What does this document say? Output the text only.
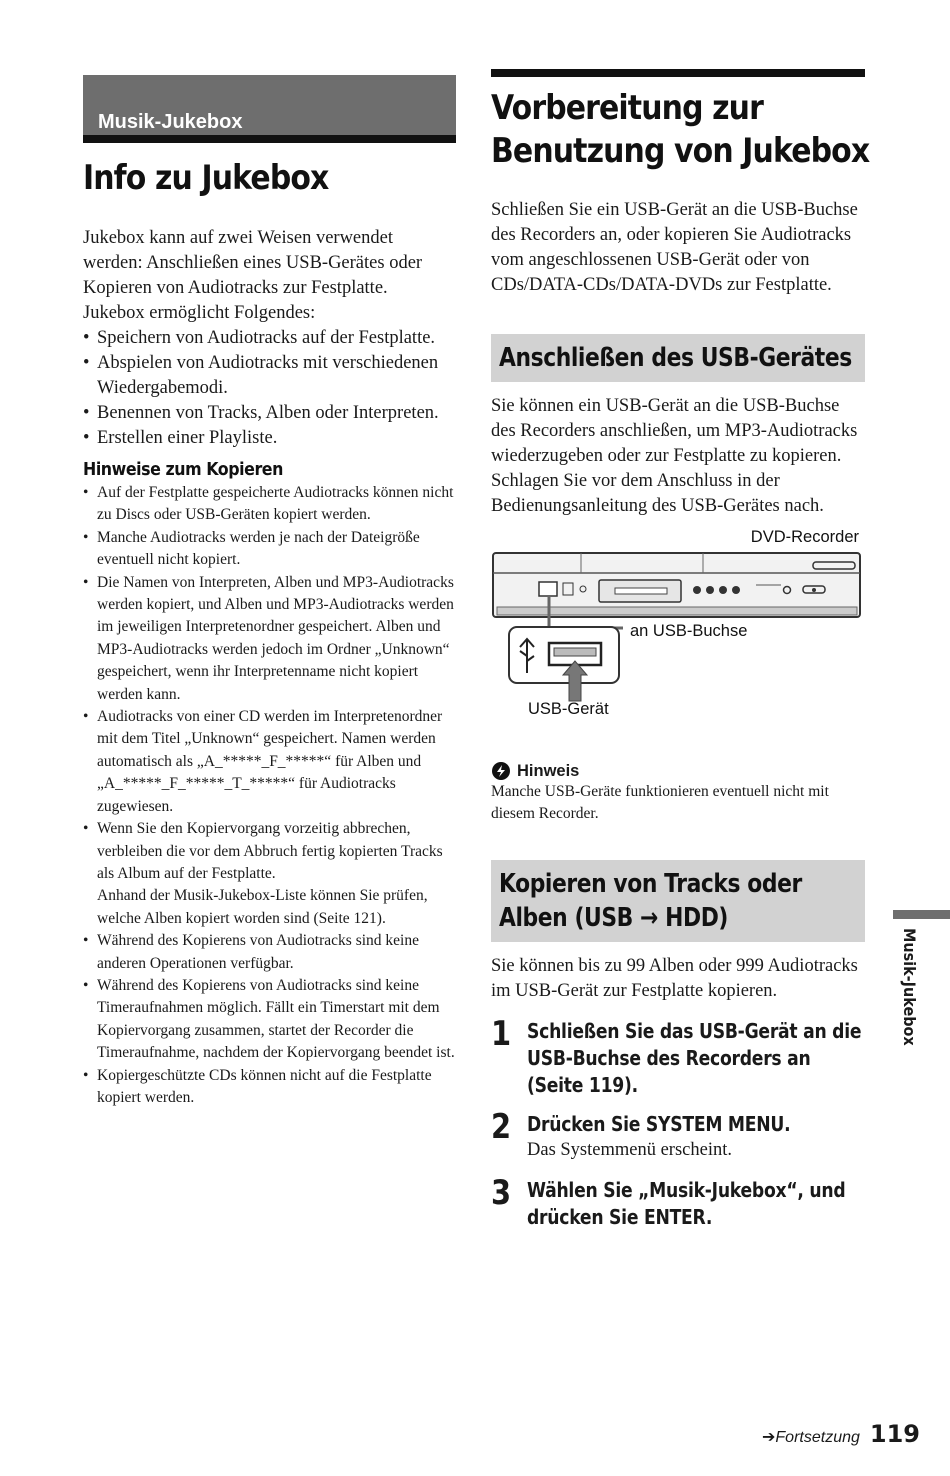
Musik-Jukebox
Info zu Jukebox

Jukebox kann auf zwei Weisen verwendet werden: Anschließen eines USB-Gerätes oder Kopieren von Audiotracks zur Festplatte.

Jukebox ermöglicht Folgendes:

• Speichern von Audiotracks auf der Festplatte.
• Abspielen von Audiotracks mit verschiedenen Wiedergabemodi.
• Benennen von Tracks, Alben oder Interpreten.
• Erstellen einer Playliste.
Hinweise zum Kopieren
• Auf der Festplatte gespeicherte Audiotracks können nicht zu Discs oder USB-Geräten kopiert werden.
• Manche Audiotracks werden je nach der Dateigröße eventuell nicht kopiert.
• Die Namen von Interpreten, Alben und MP3-Audiotracks werden kopiert, und Alben und MP3-Audiotracks werden im jeweiligen Interpretenordner gespeichert. Alben und MP3-Audiotracks werden jedoch im Ordner „Unknown“ gespeichert, wenn ihr Interpretenname nicht kopiert werden kann.
• Audiotracks von einer CD werden im Interpretenordner mit dem Titel „Unknown“ gespeichert. Namen werden automatisch als „A_*****_F_*****“ für Alben und „A_*****_F_*****_T_*****“ für Audiotracks zugewiesen.
• Wenn Sie den Kopiervorgang vorzeitig abbrechen, verbleiben die vor dem Abbruch fertig kopierten Tracks als Album auf der Festplatte.
Anhand der Musik-Jukebox-Liste können Sie prüfen, welche Alben kopiert worden sind (Seite 121).
• Während des Kopierens von Audiotracks sind keine anderen Operationen verfügbar.
• Während des Kopierens von Audiotracks sind keine Timeraufnahmen möglich. Fällt ein Timerstart mit dem Kopiervorgang zusammen, startet der Recorder die Timeraufnahme, nachdem der Kopiervorgang beendet ist.
• Kopiergeschützte CDs können nicht auf die Festplatte kopiert werden.
Vorbereitung zur
Benutzung von Jukebox

Schließen Sie ein USB-Gerät an die USB-Buchse des Recorders an, oder kopieren Sie Audiotracks vom angeschlossenen USB-Gerät oder von CDs/DATA-CDs/DATA-DVDs zur Festplatte.

Anschließen des USB-Gerätes

Sie können ein USB-Gerät an die USB-Buchse des Recorders anschließen, um MP3-Audiotracks wiederzugeben oder zur Festplatte zu kopieren. Schlagen Sie vor dem Anschluss in der Bedienungsanleitung des USB-Gerätes nach.

DVD-Recorder
an USB-Buchse
USB-Gerät
Hinweis

Manche USB-Geräte funktionieren eventuell nicht mit diesem Recorder.

Kopieren von Tracks oder
Alben (USB → HDD)

Sie können bis zu 99 Alben oder 999 Audiotracks im USB-Gerät zur Festplatte kopieren.

1 Schließen Sie das USB-Gerät an die

USB-Buchse des Recorders an

(Seite 119).

2 Drücken Sie SYSTEM MENU.

Das Systemmenü erscheint.

3 Wählen Sie „Musik-Jukebox“, und

drücken Sie ENTER.

Musik-Jukebox
➔Fortsetzung 119
